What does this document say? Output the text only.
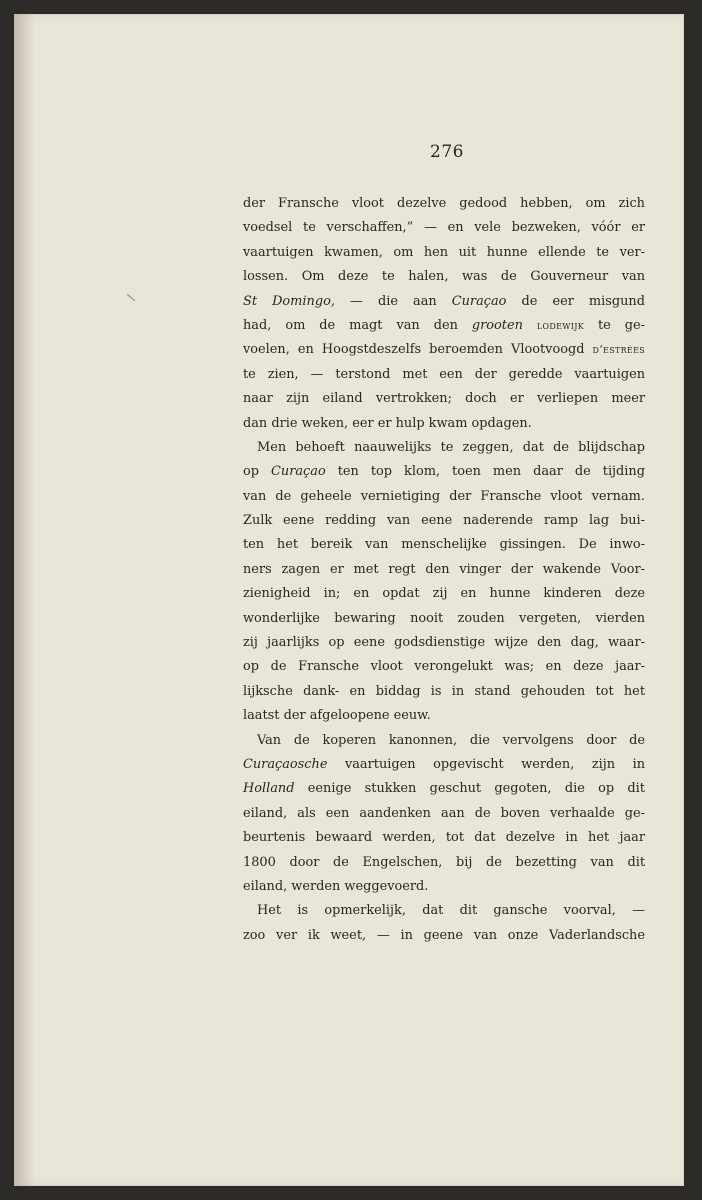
276
der Fransche vloot dezelve gedood hebben, om zich
voedsel te verschaffen,” — en vele bezweken, vóór er
vaartuigen kwamen, om hen uit hunne ellende te ver-
lossen. Om deze te halen, was de Gouverneur van
St Domingo, — die aan Curaçao de eer misgund
had, om de magt van den grooten lodewijk te ge-
voelen, en Hoogstdeszelfs beroemden Vlootvoogd d’estrées
te zien, — terstond met een der geredde vaartuigen
naar zijn eiland vertrokken; doch er verliepen meer
dan drie weken, eer er hulp kwam opdagen.
Men behoeft naauwelijks te zeggen, dat de blijdschap
op Curaçao ten top klom, toen men daar de tijding
van de geheele vernietiging der Fransche vloot vernam.
Zulk eene redding van eene naderende ramp lag bui-
ten het bereik van menschelijke gissingen. De inwo-
ners zagen er met regt den vinger der wakende Voor-
zienigheid in; en opdat zij en hunne kinderen deze
wonderlijke bewaring nooit zouden vergeten, vierden
zij jaarlijks op eene godsdienstige wijze den dag, waar-
op de Fransche vloot verongelukt was; en deze jaar-
lijksche dank- en biddag is in stand gehouden tot het
laatst der afgeloopene eeuw.
Van de koperen kanonnen, die vervolgens door de
Curaçaosche vaartuigen opgevischt werden, zijn in
Holland eenige stukken geschut gegoten, die op dit
eiland, als een aandenken aan de boven verhaalde ge-
beurtenis bewaard werden, tot dat dezelve in het jaar
1800 door de Engelschen, bij de bezetting van dit
eiland, werden weggevoerd.
Het is opmerkelijk, dat dit gansche voorval, —
zoo ver ik weet, — in geene van onze Vaderlandsche
